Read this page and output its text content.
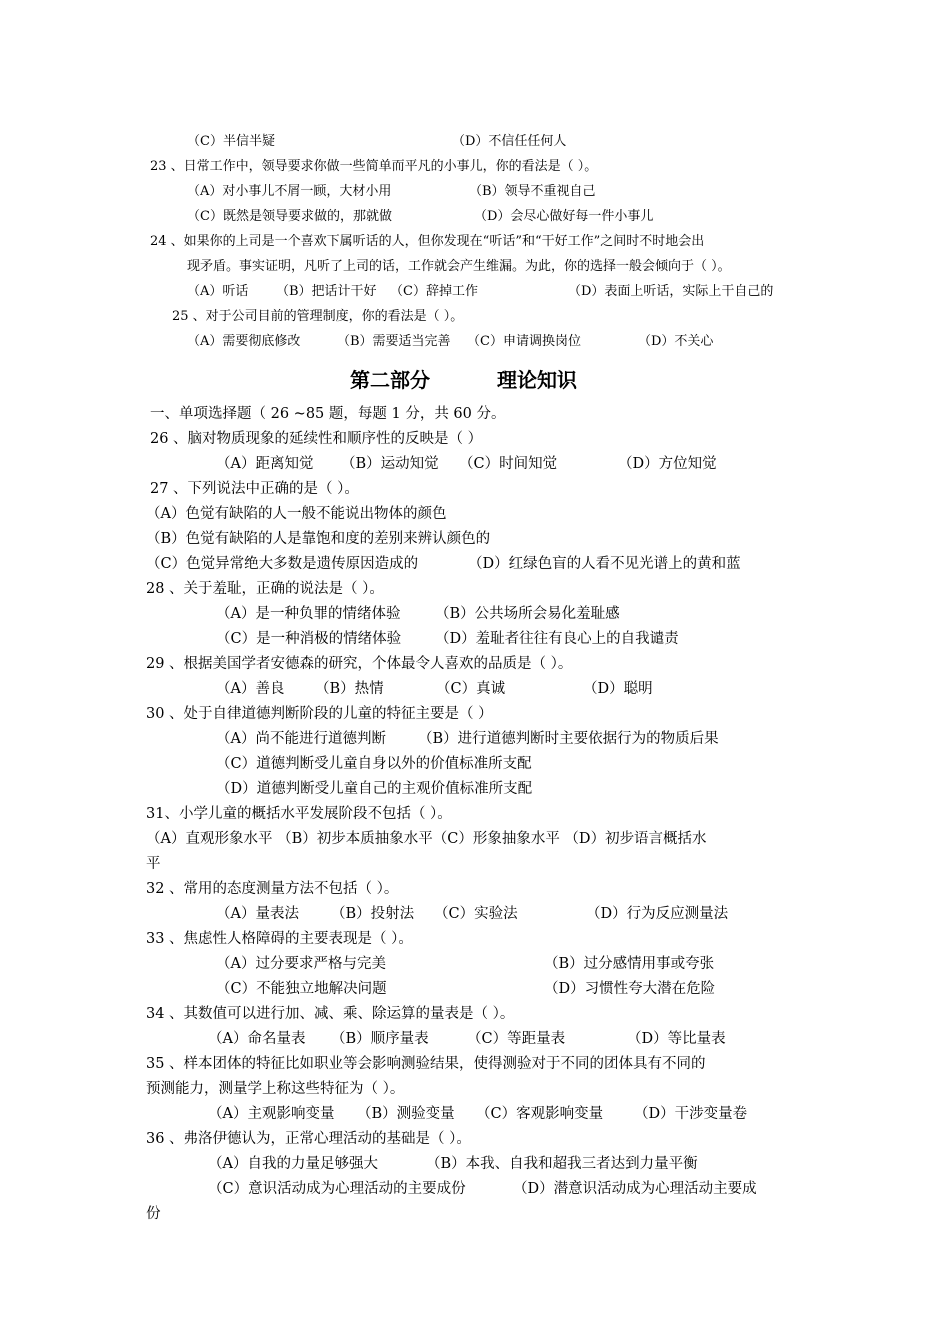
（C）半信半疑	（D）不信任任何人
23 、日常工作中，领导要求你做一些简单而平凡的小事儿，你的看法是（ ）。
（A）对小事儿不屑一顾，大材小用	（B）领导不重视自己
（C）既然是领导要求做的，那就做	（D）会尽心做好每一件小事儿
24 、如果你的上司是一个喜欢下属听话的人，但你发现在“听话”和“干好工作”之间时不时地会出
现矛盾。事实证明，凡听了上司的话，工作就会产生维漏。为此，你的选择一般会倾向于（ ）。
（A）听话 （B）把话计干好 （C）辞掉工作	（D）表面上听话，实际上干自己的
25 、对于公司目前的管理制度，你的看法是（ ）。
（A）需要彻底修改	（B）需要适当完善 （C）申请调换岗位	（D）不关心
第二部分	理论知识
一、单项选择题（ 26 ~85 题，每题 1 分，共 60 分。
26 、脑对物质现象的延续性和顺序性的反映是（ ）
（A）距离知觉 （B）运动知觉 （C）时间知觉	（D）方位知觉
27 、下列说法中正确的是（ ）。
（A）色觉有缺陷的人一般不能说出物体的颜色
（B）色觉有缺陷的人是靠饱和度的差别来辨认颜色的
（C）色觉异常绝大多数是遗传原因造成的	（D）红绿色盲的人看不见光谱上的黄和蓝
28 、关于羞耻，正确的说法是（ ）。
（A）是一种负罪的情绪体验 （B）公共场所会易化羞耻感
（C）是一种消极的情绪体验 （D）羞耻者往往有良心上的自我谴责
29 、根据美国学者安德森的研究，个体最令人喜欢的品质是（ ）。
（A）善良 （B）热情	（C）真诚	（D）聪明
30 、处于自律道德判断阶段的儿童的特征主要是（ ）
（A）尚不能进行道德判断 （B）进行道德判断时主要依据行为的物质后果
（C）道德判断受儿童自身以外的价值标准所支配
（D）道德判断受儿童自己的主观价值标准所支配
31、小学儿童的概括水平发展阶段不包括（ ）。
（A）直观形象水平 （B）初步本质抽象水平（C）形象抽象水平 （D）初步语言概括水
平
32 、常用的态度测量方法不包括（ ）。
（A）量表法 （B）投射法 （C）实验法	（D）行为反应测量法
33 、焦虑性人格障碍的主要表现是（ ）。
（A）过分要求严格与完美	（B）过分感情用事或夸张
（C）不能独立地解决问题	（D）习惯性夸大潜在危险
34 、其数值可以进行加、减、乘、除运算的量表是（ ）。
（A）命名量表 （B）顺序量表	（C）等距量表	（D）等比量表
35 、样本团体的特征比如职业等会影响测验结果，使得测验对于不同的团体具有不同的
预测能力，测量学上称这些特征为（ ）。
（A）主观影响变量 （B）测验变量 （C）客观影响变量 （D）干涉变量卷
36 、弗洛伊德认为，正常心理活动的基础是（ ）。
（A）自我的力量足够强大	（B）本我、自我和超我三者达到力量平衡
（C）意识活动成为心理活动的主要成份	（D）潜意识活动成为心理活动主要成
份
